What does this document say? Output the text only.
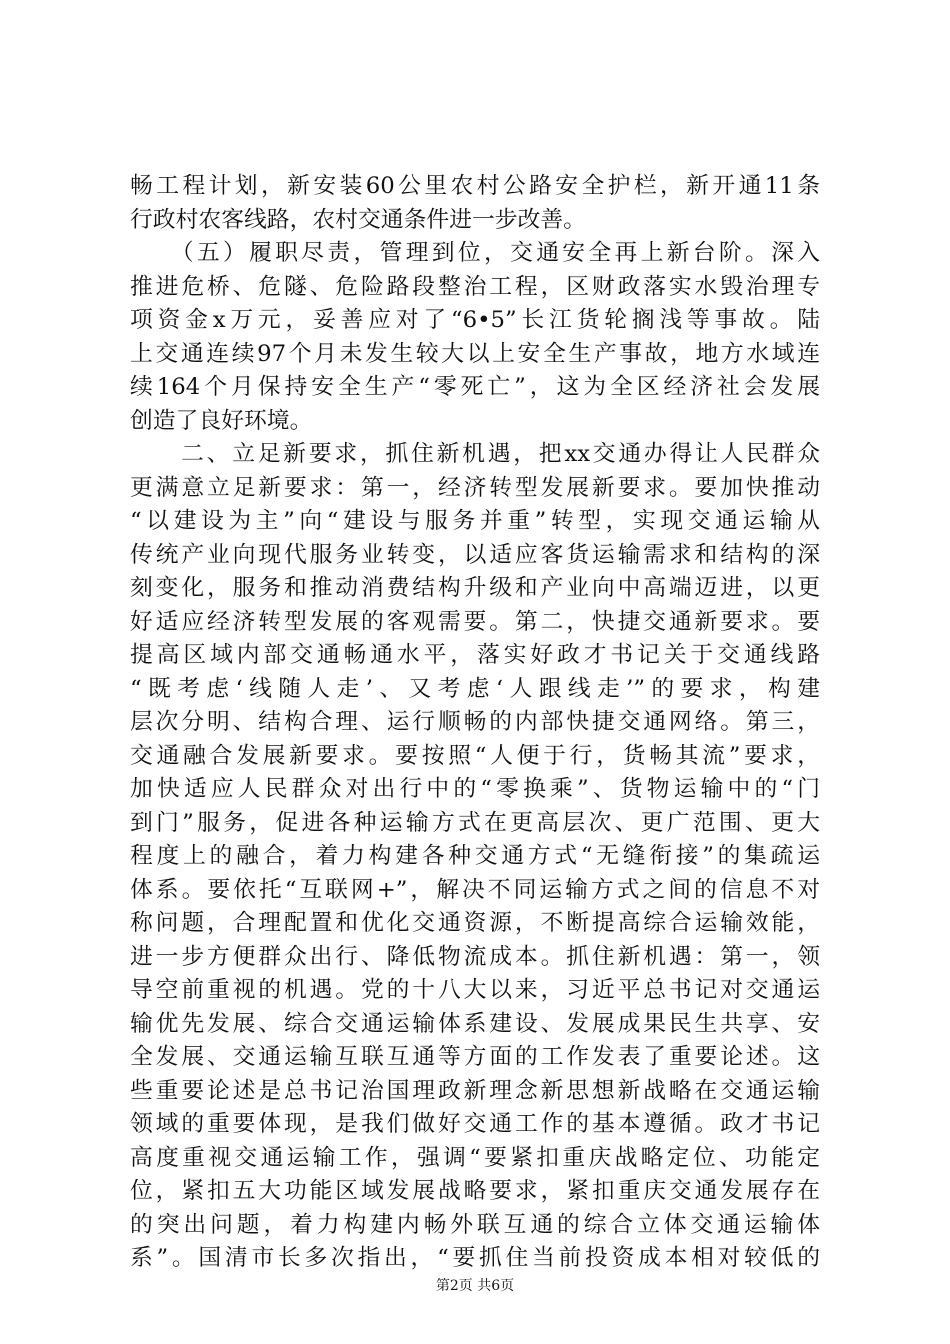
畅工程计划，新安装60公里农村公路安全护栏，新开通11条
行政村农客线路，农村交通条件进一步改善。
　　（五）履职尽责，管理到位，交通安全再上新台阶。深入
推进危桥、危隧、危险路段整治工程，区财政落实水毁治理专
项资金x万元，妥善应对了“6•5”长江货轮搁浅等事故。陆
上交通连续97个月未发生较大以上安全生产事故，地方水域连
续164个月保持安全生产“零死亡”，这为全区经济社会发展
创造了良好环境。
　　二、立足新要求，抓住新机遇，把xx交通办得让人民群众
更满意立足新要求：第一，经济转型发展新要求。要加快推动
“以建设为主”向“建设与服务并重”转型，实现交通运输从
传统产业向现代服务业转变，以适应客货运输需求和结构的深
刻变化，服务和推动消费结构升级和产业向中高端迈进，以更
好适应经济转型发展的客观需要。第二，快捷交通新要求。要
提高区域内部交通畅通水平，落实好政才书记关于交通线路
“既考虑‘线随人走’、又考虑‘人跟线走’”的要求，构建
层次分明、结构合理、运行顺畅的内部快捷交通网络。第三，
交通融合发展新要求。要按照“人便于行，货畅其流”要求，
加快适应人民群众对出行中的“零换乘”、货物运输中的“门
到门”服务，促进各种运输方式在更高层次、更广范围、更大
程度上的融合，着力构建各种交通方式“无缝衔接”的集疏运
体系。要依托“互联网+”，解决不同运输方式之间的信息不对
称问题，合理配置和优化交通资源，不断提高综合运输效能，
进一步方便群众出行、降低物流成本。抓住新机遇：第一，领
导空前重视的机遇。党的十八大以来，习近平总书记对交通运
输优先发展、综合交通运输体系建设、发展成果民生共享、安
全发展、交通运输互联互通等方面的工作发表了重要论述。这
些重要论述是总书记治国理政新理念新思想新战略在交通运输
领域的重要体现，是我们做好交通工作的基本遵循。政才书记
高度重视交通运输工作，强调“要紧扣重庆战略定位、功能定
位，紧扣五大功能区域发展战略要求，紧扣重庆交通发展存在
的突出问题，着力构建内畅外联互通的综合立体交通运输体
系”。国清市长多次指出，“要抓住当前投资成本相对较低的
第2页 共6页
